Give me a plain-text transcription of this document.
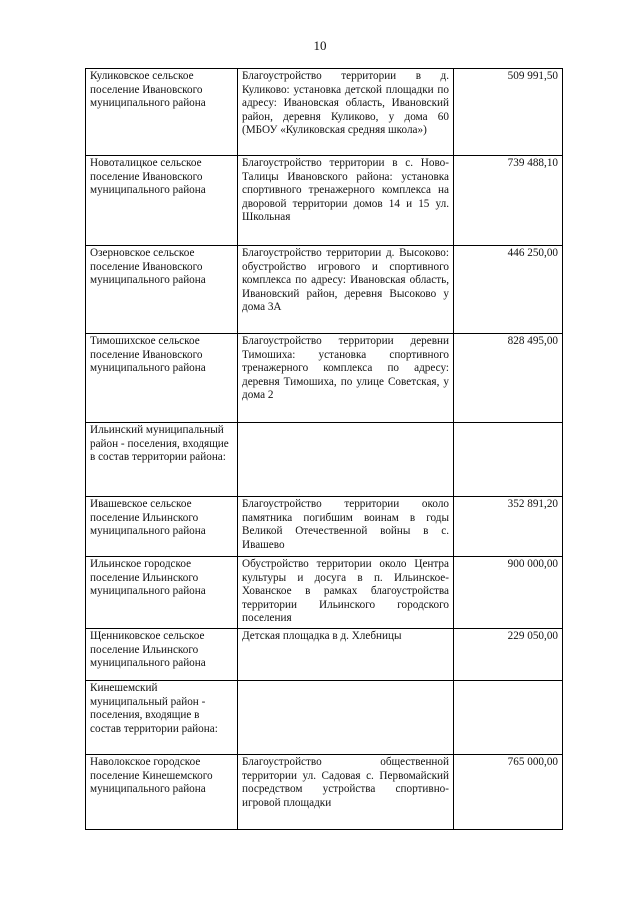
10
Куликовское сельское поселение Ивановского муниципального района	Благоустройство территории в д. Куликово: установка детской площадки по адресу: Ивановская область, Ивановский район, деревня Куликово, у дома 60 (МБОУ «Куликовская средняя школа»)	509 991,50
Новоталицкое сельское поселение Ивановского муниципального района	Благоустройство территории в с. Ново-Талицы Ивановского района: установка спортивного тренажерного комплекса на дворовой территории домов 14 и 15 ул. Школьная	739 488,10
Озерновское сельское поселение Ивановского муниципального района	Благоустройство территории д. Высоково: обустройство игрового и спортивного комплекса по адресу: Ивановская область, Ивановский район, деревня Высоково у дома 3А	446 250,00
Тимошихское сельское поселение Ивановского муниципального района	Благоустройство территории деревни Тимошиха: установка спортивного тренажерного комплекса по адресу: деревня Тимошиха, по улице Советская, у дома 2	828 495,00
Ильинский муниципальный район - поселения, входящие в состав территории района:		
Ивашевское сельское поселение Ильинского муниципального района	Благоустройство территории около памятника погибшим воинам в годы Великой Отечественной войны в с. Ивашево	352 891,20
Ильинское городское поселение Ильинского муниципального района	Обустройство территории около Центра культуры и досуга в п. Ильинское-Хованское в рамках благоустройства территории Ильинского городского поселения	900 000,00
Щенниковское сельское поселение Ильинского муниципального района	Детская площадка в д. Хлебницы	229 050,00
Кинешемский муниципальный район - поселения, входящие в состав территории района:		
Наволокское городское поселение Кинешемского муниципального района	Благоустройство общественной территории ул. Садовая с. Первомайский посредством устройства спортивно-игровой площадки	765 000,00
